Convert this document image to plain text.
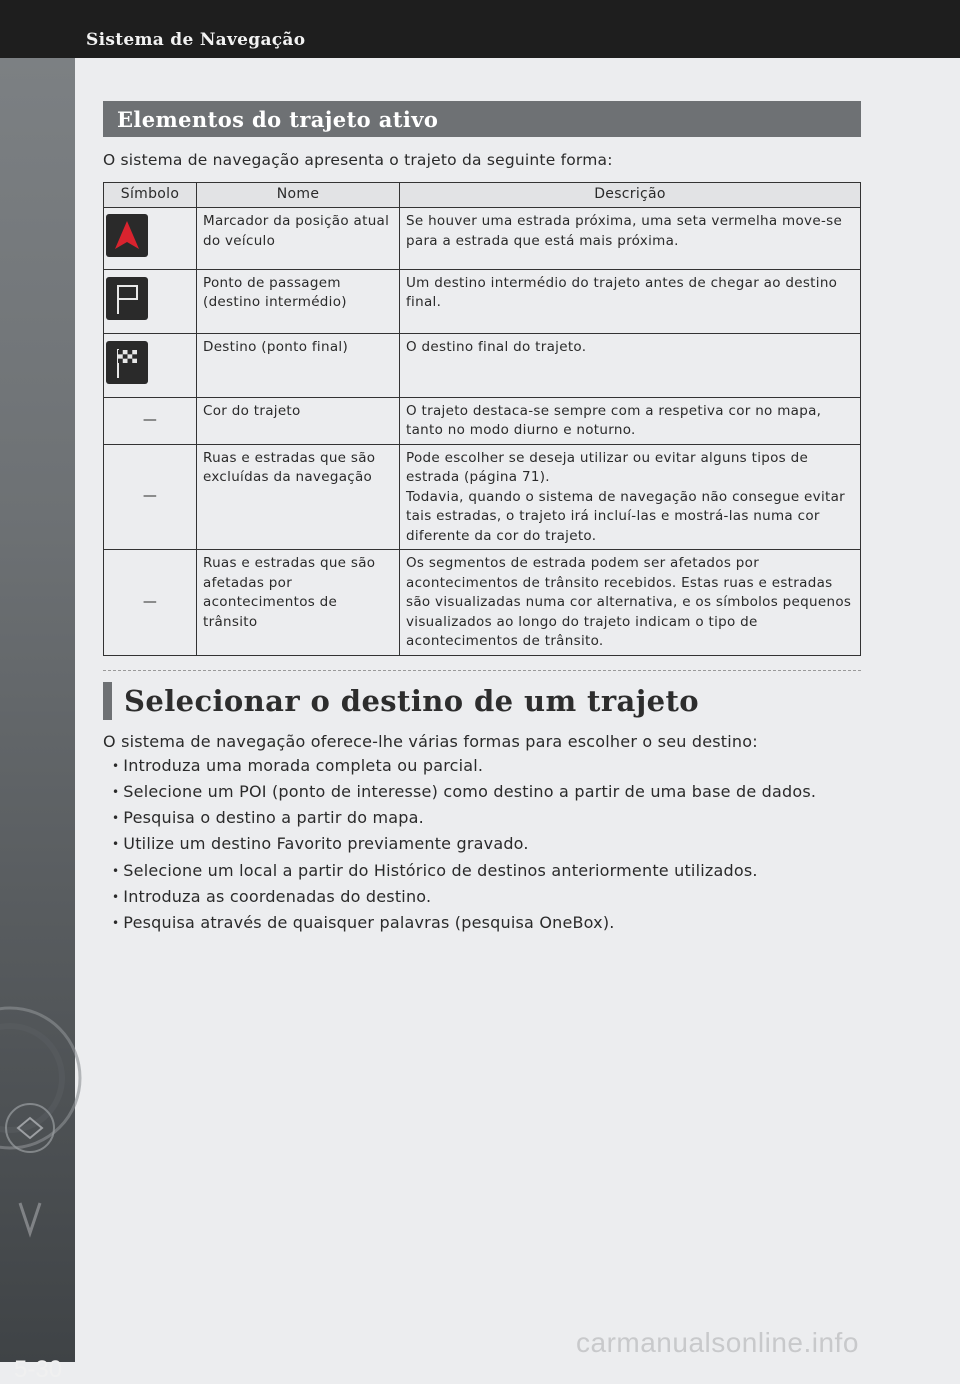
Sistema de Navegação
5-30
Elementos do trajeto ativo
O sistema de navegação apresenta o trajeto da seguinte forma:
Símbolo	Nome	Descrição

	Marcador da posição atual do veículo	Se houver uma estrada próxima, uma seta vermelha move-se para a estrada que está mais próxima.

	Ponto de passagem (destino intermédio)	Um destino intermédio do trajeto antes de chegar ao destino final.

	Destino (ponto final)	O destino final do trajeto.
—	Cor do trajeto	O trajeto destaca-se sempre com a respetiva cor no mapa, tanto no modo diurno e noturno.
—	Ruas e estradas que são excluídas da navegação	Pode escolher se deseja utilizar ou evitar alguns tipos de estrada (página 71).
Todavia, quando o sistema de navegação não consegue evitar tais estradas, o trajeto irá incluí-las e mostrá-las numa cor diferente da cor do trajeto.

—	Ruas e estradas que são afetadas por acontecimentos de trânsito	Os segmentos de estrada podem ser afetados por acontecimentos de trânsito recebidos. Estas ruas e estradas são visualizadas numa cor alternativa, e os símbolos pequenos visualizados ao longo do trajeto indicam o tipo de acontecimentos de trânsito.
Selecionar o destino de um trajeto
O sistema de navegação oferece-lhe várias formas para escolher o seu destino:
• Introduza uma morada completa ou parcial.
• Selecione um POI (ponto de interesse) como destino a partir de uma base de dados.
• Pesquisa o destino a partir do mapa.
• Utilize um destino Favorito previamente gravado.
• Selecione um local a partir do Histórico de destinos anteriormente utilizados.
• Introduza as coordenadas do destino.
• Pesquisa através de quaisquer palavras (pesquisa OneBox).
carmanualsonline.info
